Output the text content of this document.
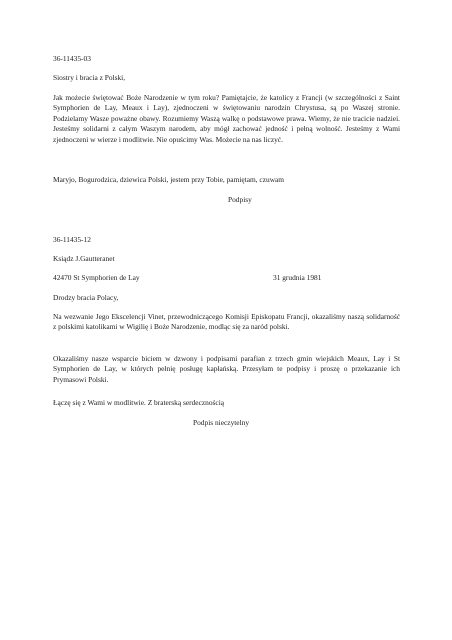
36-11435-03

Siostry i bracia z Polski,

Jak możecie świętować Boże Narodzenie w tym roku? Pamiętajcie, że katolicy z Francji (w szczególności z Saint Symphorien de Lay, Meaux i Lay), zjednoczeni w świętowaniu narodzin Chrystusa, są po Waszej stronie. Podzielamy Wasze poważne obawy. Rozumiemy Waszą walkę o podstawowe prawa. Wiemy, że nie tracicie nadziei. Jesteśmy solidarni z całym Waszym narodem, aby mógł zachować jedność i pełną wolność. Jesteśmy z Wami zjednoczeni w wierze i modlitwie. Nie opuścimy Was. Możecie na nas liczyć.

Maryjo, Bogurodzica, dziewica Polski, jestem przy Tobie, pamiętam, czuwam

Podpisy

36-11435-12

Ksiądz J.Gautteranet

42470 St Symphorien de Lay	31 grudnia 1981

Drodzy bracia Polacy,

Na wezwanie Jego Ekscelencji Vinet, przewodniczącego Komisji Episkopatu Francji, okazaliśmy naszą solidarność z polskimi katolikami w Wigilię i Boże Narodzenie, modląc się za naród polski.

Okazaliśmy nasze wsparcie biciem w dzwony i podpisami parafian z trzech gmin wiejskich Meaux, Lay i St Symphorien de Lay, w których pełnię posługę kapłańską. Przesyłam te podpisy i proszę o przekazanie ich Prymasowi Polski.

Łączę się z Wami w modlitwie. Z braterską serdecznością

Podpis nieczytelny
